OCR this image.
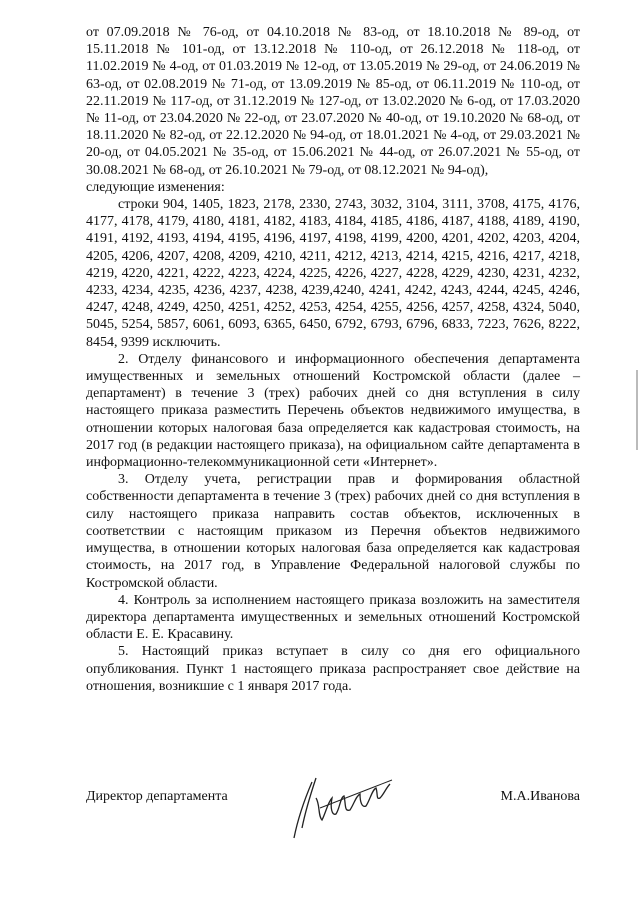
от 07.09.2018 № 76-од, от 04.10.2018 № 83-од, от 18.10.2018 № 89-од, от 15.11.2018 № 101-од, от 13.12.2018 № 110-од, от 26.12.2018 № 118-од, от 11.02.2019 № 4-од, от 01.03.2019 № 12-од, от 13.05.2019 № 29-од, от 24.06.2019 № 63-од, от 02.08.2019 № 71-од, от 13.09.2019 № 85-од, от 06.11.2019 № 110-од, от 22.11.2019 № 117-од, от 31.12.2019 № 127-од, от 13.02.2020 № 6-од, от 17.03.2020 № 11-од, от 23.04.2020 № 22-од, от 23.07.2020 № 40-од, от 19.10.2020 № 68-од, от 18.11.2020 № 82-од, от 22.12.2020 № 94-од, от 18.01.2021 № 4-од, от 29.03.2021 № 20-од, от 04.05.2021 № 35-од, от 15.06.2021 № 44-од, от 26.07.2021 № 55-од, от 30.08.2021 № 68-од, от 26.10.2021 № 79-од, от 08.12.2021 № 94-од),

следующие изменения:

строки 904, 1405, 1823, 2178, 2330, 2743, 3032, 3104, 3111, 3708, 4175, 4176, 4177, 4178, 4179, 4180, 4181, 4182, 4183, 4184, 4185, 4186, 4187, 4188, 4189, 4190, 4191, 4192, 4193, 4194, 4195, 4196, 4197, 4198, 4199, 4200, 4201, 4202, 4203, 4204, 4205, 4206, 4207, 4208, 4209, 4210, 4211, 4212, 4213, 4214, 4215, 4216, 4217, 4218, 4219, 4220, 4221, 4222, 4223, 4224, 4225, 4226, 4227, 4228, 4229, 4230, 4231, 4232, 4233, 4234, 4235, 4236, 4237, 4238, 4239,4240, 4241, 4242, 4243, 4244, 4245, 4246, 4247, 4248, 4249, 4250, 4251, 4252, 4253, 4254, 4255, 4256, 4257, 4258, 4324, 5040, 5045, 5254, 5857, 6061, 6093, 6365, 6450, 6792, 6793, 6796, 6833, 7223, 7626, 8222, 8454, 9399 исключить.

2. Отделу финансового и информационного обеспечения департамента имущественных и земельных отношений Костромской области (далее – департамент) в течение 3 (трех) рабочих дней со дня вступления в силу настоящего приказа разместить Перечень объектов недвижимого имущества, в отношении которых налоговая база определяется как кадастровая стоимость, на 2017 год (в редакции настоящего приказа), на официальном сайте департамента в информационно-телекоммуникационной сети «Интернет».

3. Отделу учета, регистрации прав и формирования областной собственности департамента в течение 3 (трех) рабочих дней со дня вступления в силу настоящего приказа направить состав объектов, исключенных в соответствии с настоящим приказом из Перечня объектов недвижимого имущества, в отношении которых налоговая база определяется как кадастровая стоимость, на 2017 год, в Управление Федеральной налоговой службы по Костромской области.

4. Контроль за исполнением настоящего приказа возложить на заместителя директора департамента имущественных и земельных отношений Костромской области Е. Е. Красавину.

5. Настоящий приказ вступает в силу со дня его официального опубликования. Пункт 1 настоящего приказа распространяет свое действие на отношения, возникшие с 1 января 2017 года.

Директор департамента	М.А.Иванова
